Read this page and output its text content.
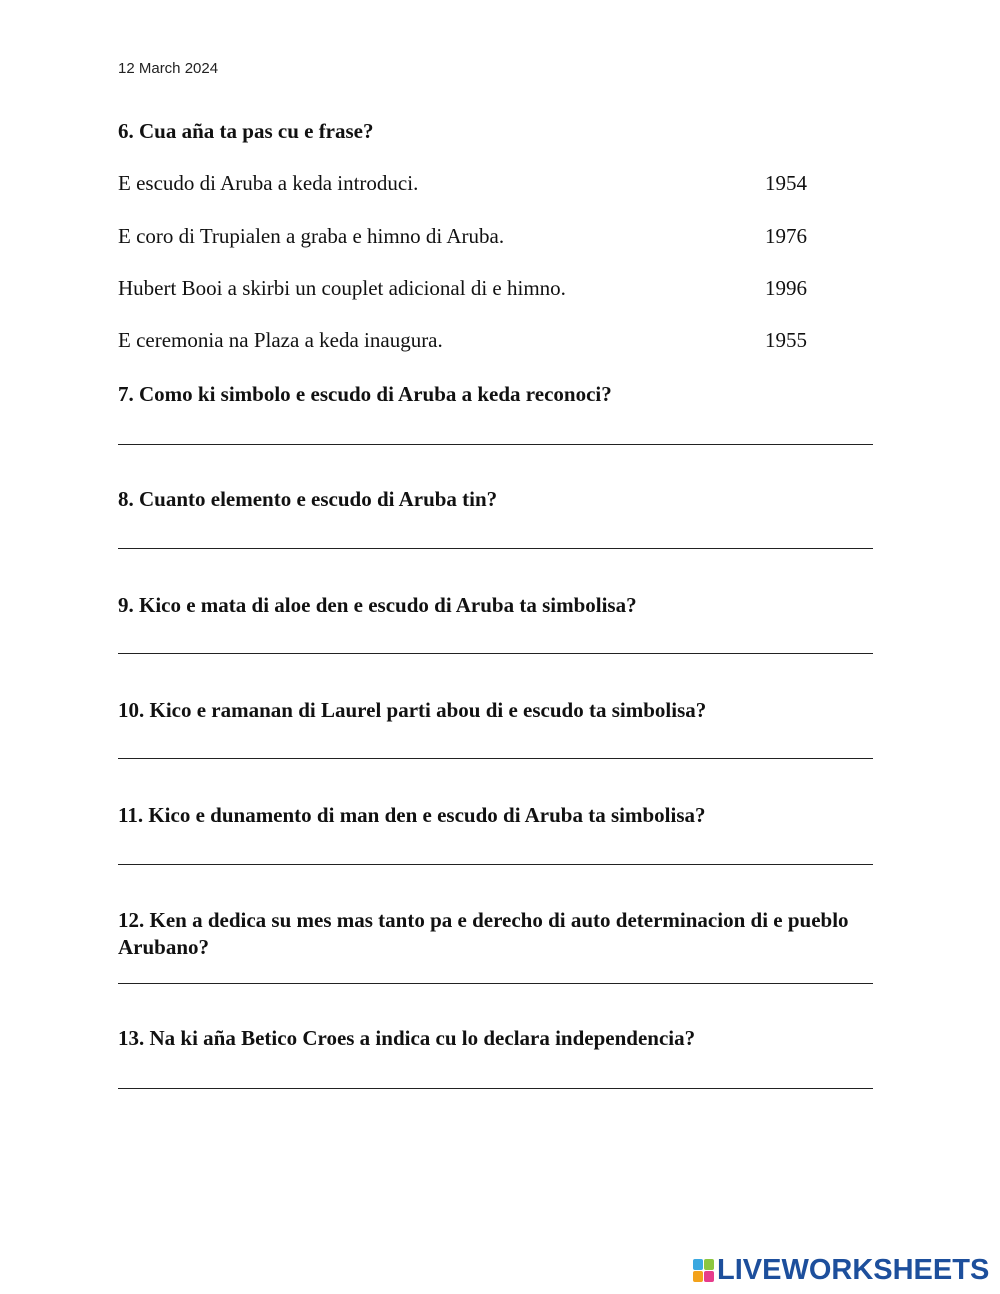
12 March 2024
6. Cua aña ta pas cu e frase?
E escudo di Aruba a keda introduci.
1954
E coro di Trupialen a graba e himno di Aruba.
1976
Hubert Booi a skirbi un couplet adicional di e himno.
1996
E ceremonia na Plaza a keda inaugura.
1955
7. Como ki simbolo e escudo di Aruba a keda reconoci?
8. Cuanto elemento e escudo di Aruba tin?
9. Kico e mata di aloe den e escudo di Aruba ta simbolisa?
10. Kico e ramanan di Laurel parti abou di e escudo ta simbolisa?
11. Kico e dunamento di man den e escudo di Aruba ta simbolisa?
12. Ken a dedica su mes mas tanto pa e derecho di auto determinacion di e pueblo Arubano?
13. Na ki aña Betico Croes a indica cu lo declara independencia?
LIVEWORKSHEETS
